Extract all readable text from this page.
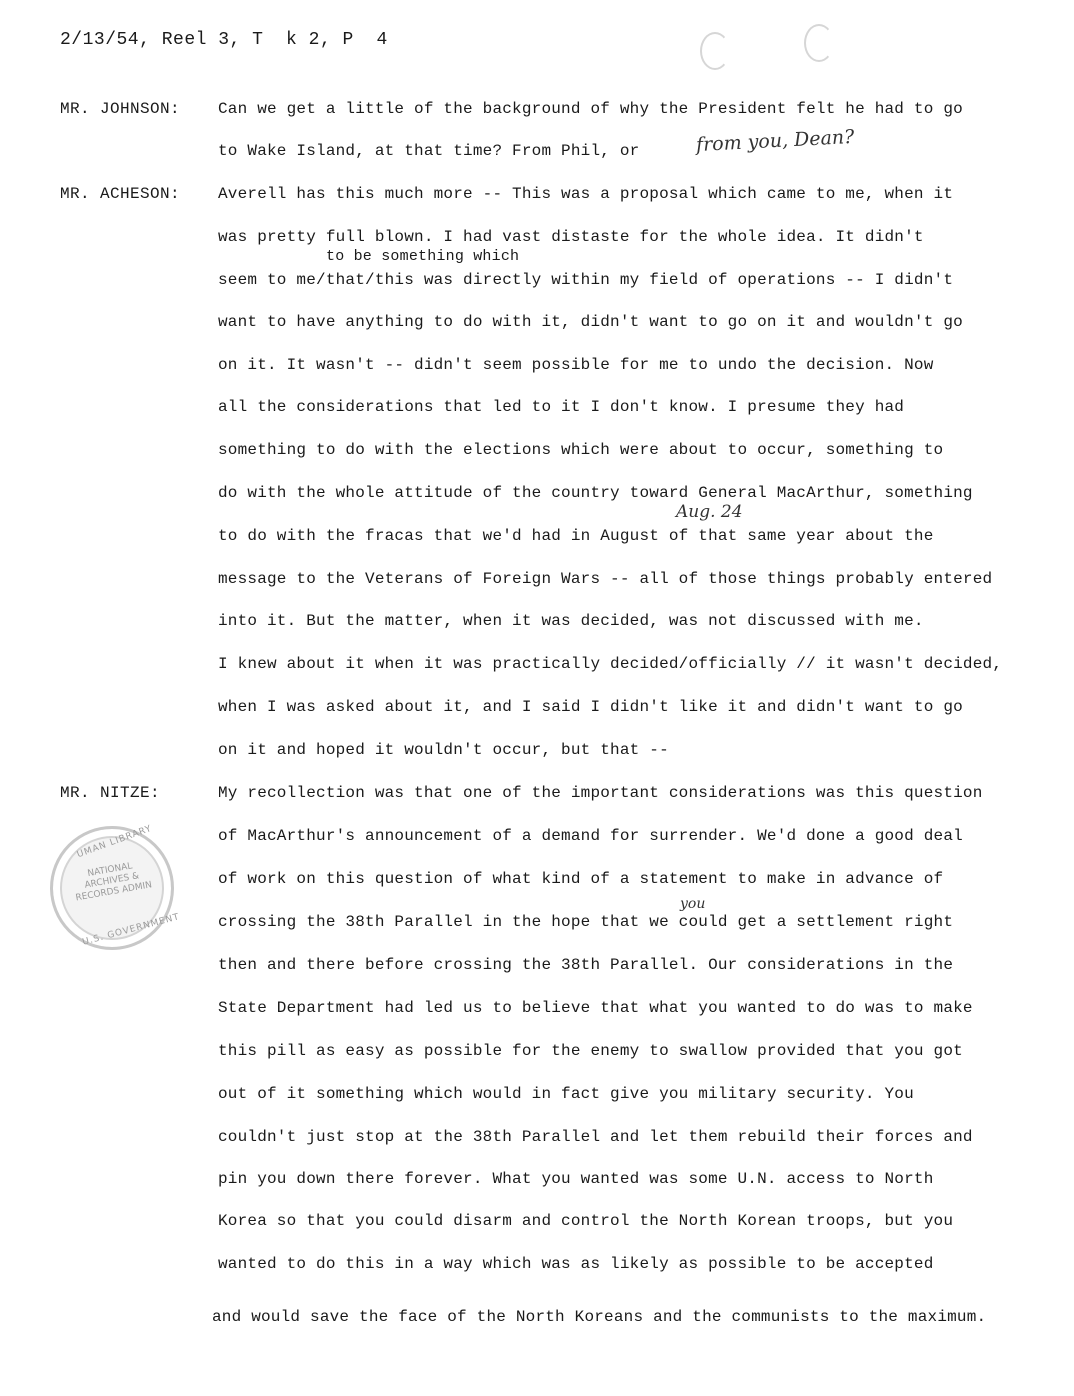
2/13/54, Reel 3, T  k 2, P  4
MR. JOHNSON: Can we get a little of the background of why the President felt he had to go
to Wake Island, at that time? From Phil, or	from you, Dean?
MR. ACHESON: Averell has this much more -- This was a proposal which came to me, when it
was pretty full blown. I had vast distaste for the whole idea. It didn't
to be something which
seem to me/that/this was directly within my field of operations -- I didn't
want to have anything to do with it, didn't want to go on it and wouldn't go
on it. It wasn't -- didn't seem possible for me to undo the decision. Now
all the considerations that led to it I don't know. I presume they had
something to do with the elections which were about to occur, something to
do with the whole attitude of the country toward General MacArthur, something
Aug. 24
to do with the fracas that we'd had in August of that same year about the
message to the Veterans of Foreign Wars -- all of those things probably entered
into it. But the matter, when it was decided, was not discussed with me.
I knew about it when it was practically decided/officially // it wasn't decided,
when I was asked about it, and I said I didn't like it and didn't want to go
on it and hoped it wouldn't occur, but that --
MR. NITZE:	My recollection was that one of the important considerations was this question
of MacArthur's announcement of a demand for surrender. We'd done a good deal
of work on this question of what kind of a statement to make in advance of
you
crossing the 38th Parallel in the hope that we could get a settlement right
then and there before crossing the 38th Parallel. Our considerations in the
State Department had led us to believe that what you wanted to do was to make
this pill as easy as possible for the enemy to swallow provided that you got
out of it something which would in fact give you military security. You
couldn't just stop at the 38th Parallel and let them rebuild their forces and
pin you down there forever. What you wanted was some U.N. access to North
Korea so that you could disarm and control the North Korean troops, but you
wanted to do this in a way which was as likely as possible to be accepted
and would save the face of the North Koreans and the communists to the maximum.
UMAN LIBRARY
NATIONAL ARCHIVES & RECORDS ADMIN
U.S. GOVERNMENT
